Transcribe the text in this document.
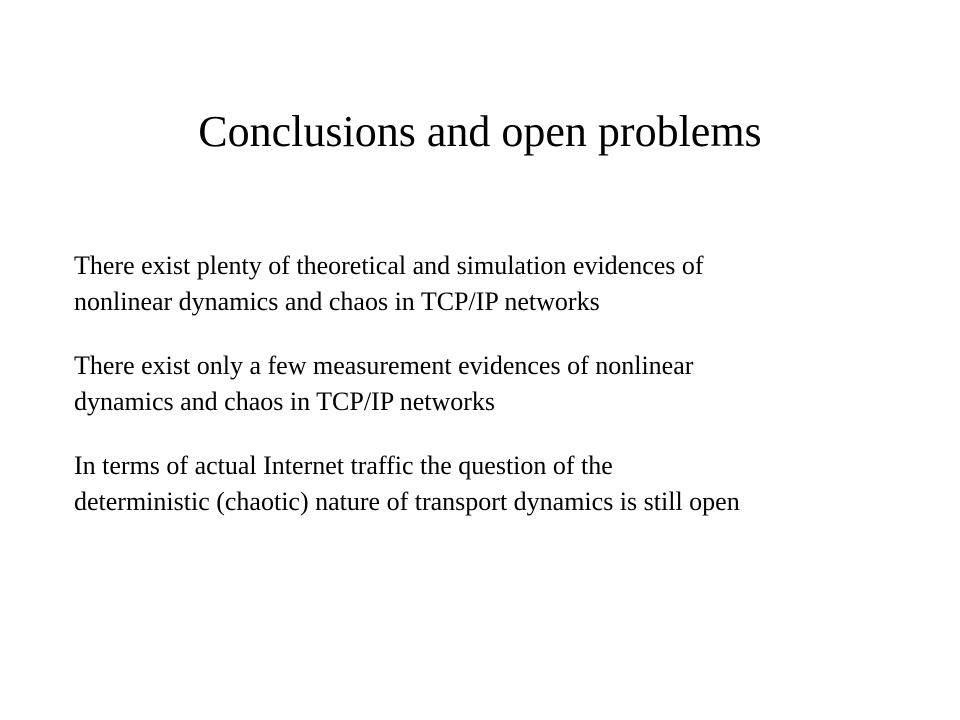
Conclusions and open problems
There exist plenty of theoretical and simulation evidences of
nonlinear dynamics and chaos in TCP/IP networks
There exist only a few measurement evidences of nonlinear
dynamics and chaos in TCP/IP networks
In terms of actual Internet traffic the question of the
deterministic (chaotic) nature of transport dynamics is still open
